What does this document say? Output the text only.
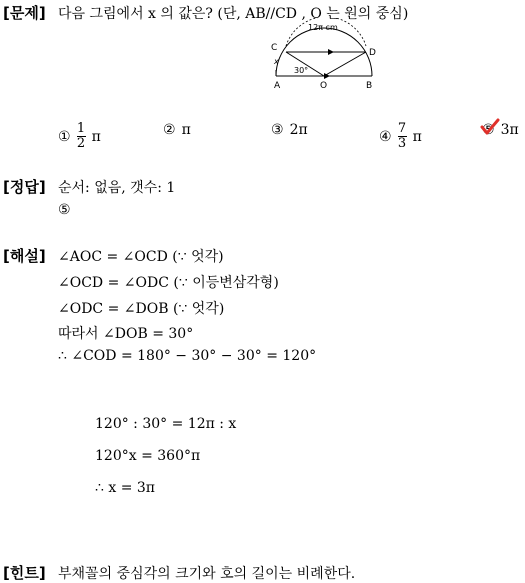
[문제] 다음 그림에서 x 의 값은? (단, AB//CD , O 는 원의 중심)
12π cm
30°
x
C	D
A	O	B
① $\frac{1}{2}$ π	② π	③ 2π	④ $\frac{7}{3}$ π	⑤ 3π
[정답] 순서: 없음, 갯수: 1
⑤
[해설] ∠AOC = ∠OCD (∵ 엇각)
∠OCD = ∠ODC (∵ 이등변삼각형)
∠ODC = ∠DOB (∵ 엇각)
따라서 ∠DOB = 30°
∴ ∠COD = 180° − 30° − 30° = 120°
120° : 30° = 12π : x
120°x = 360°π
∴ x = 3π
[힌트] 부채꼴의 중심각의 크기와 호의 길이는 비례한다.
